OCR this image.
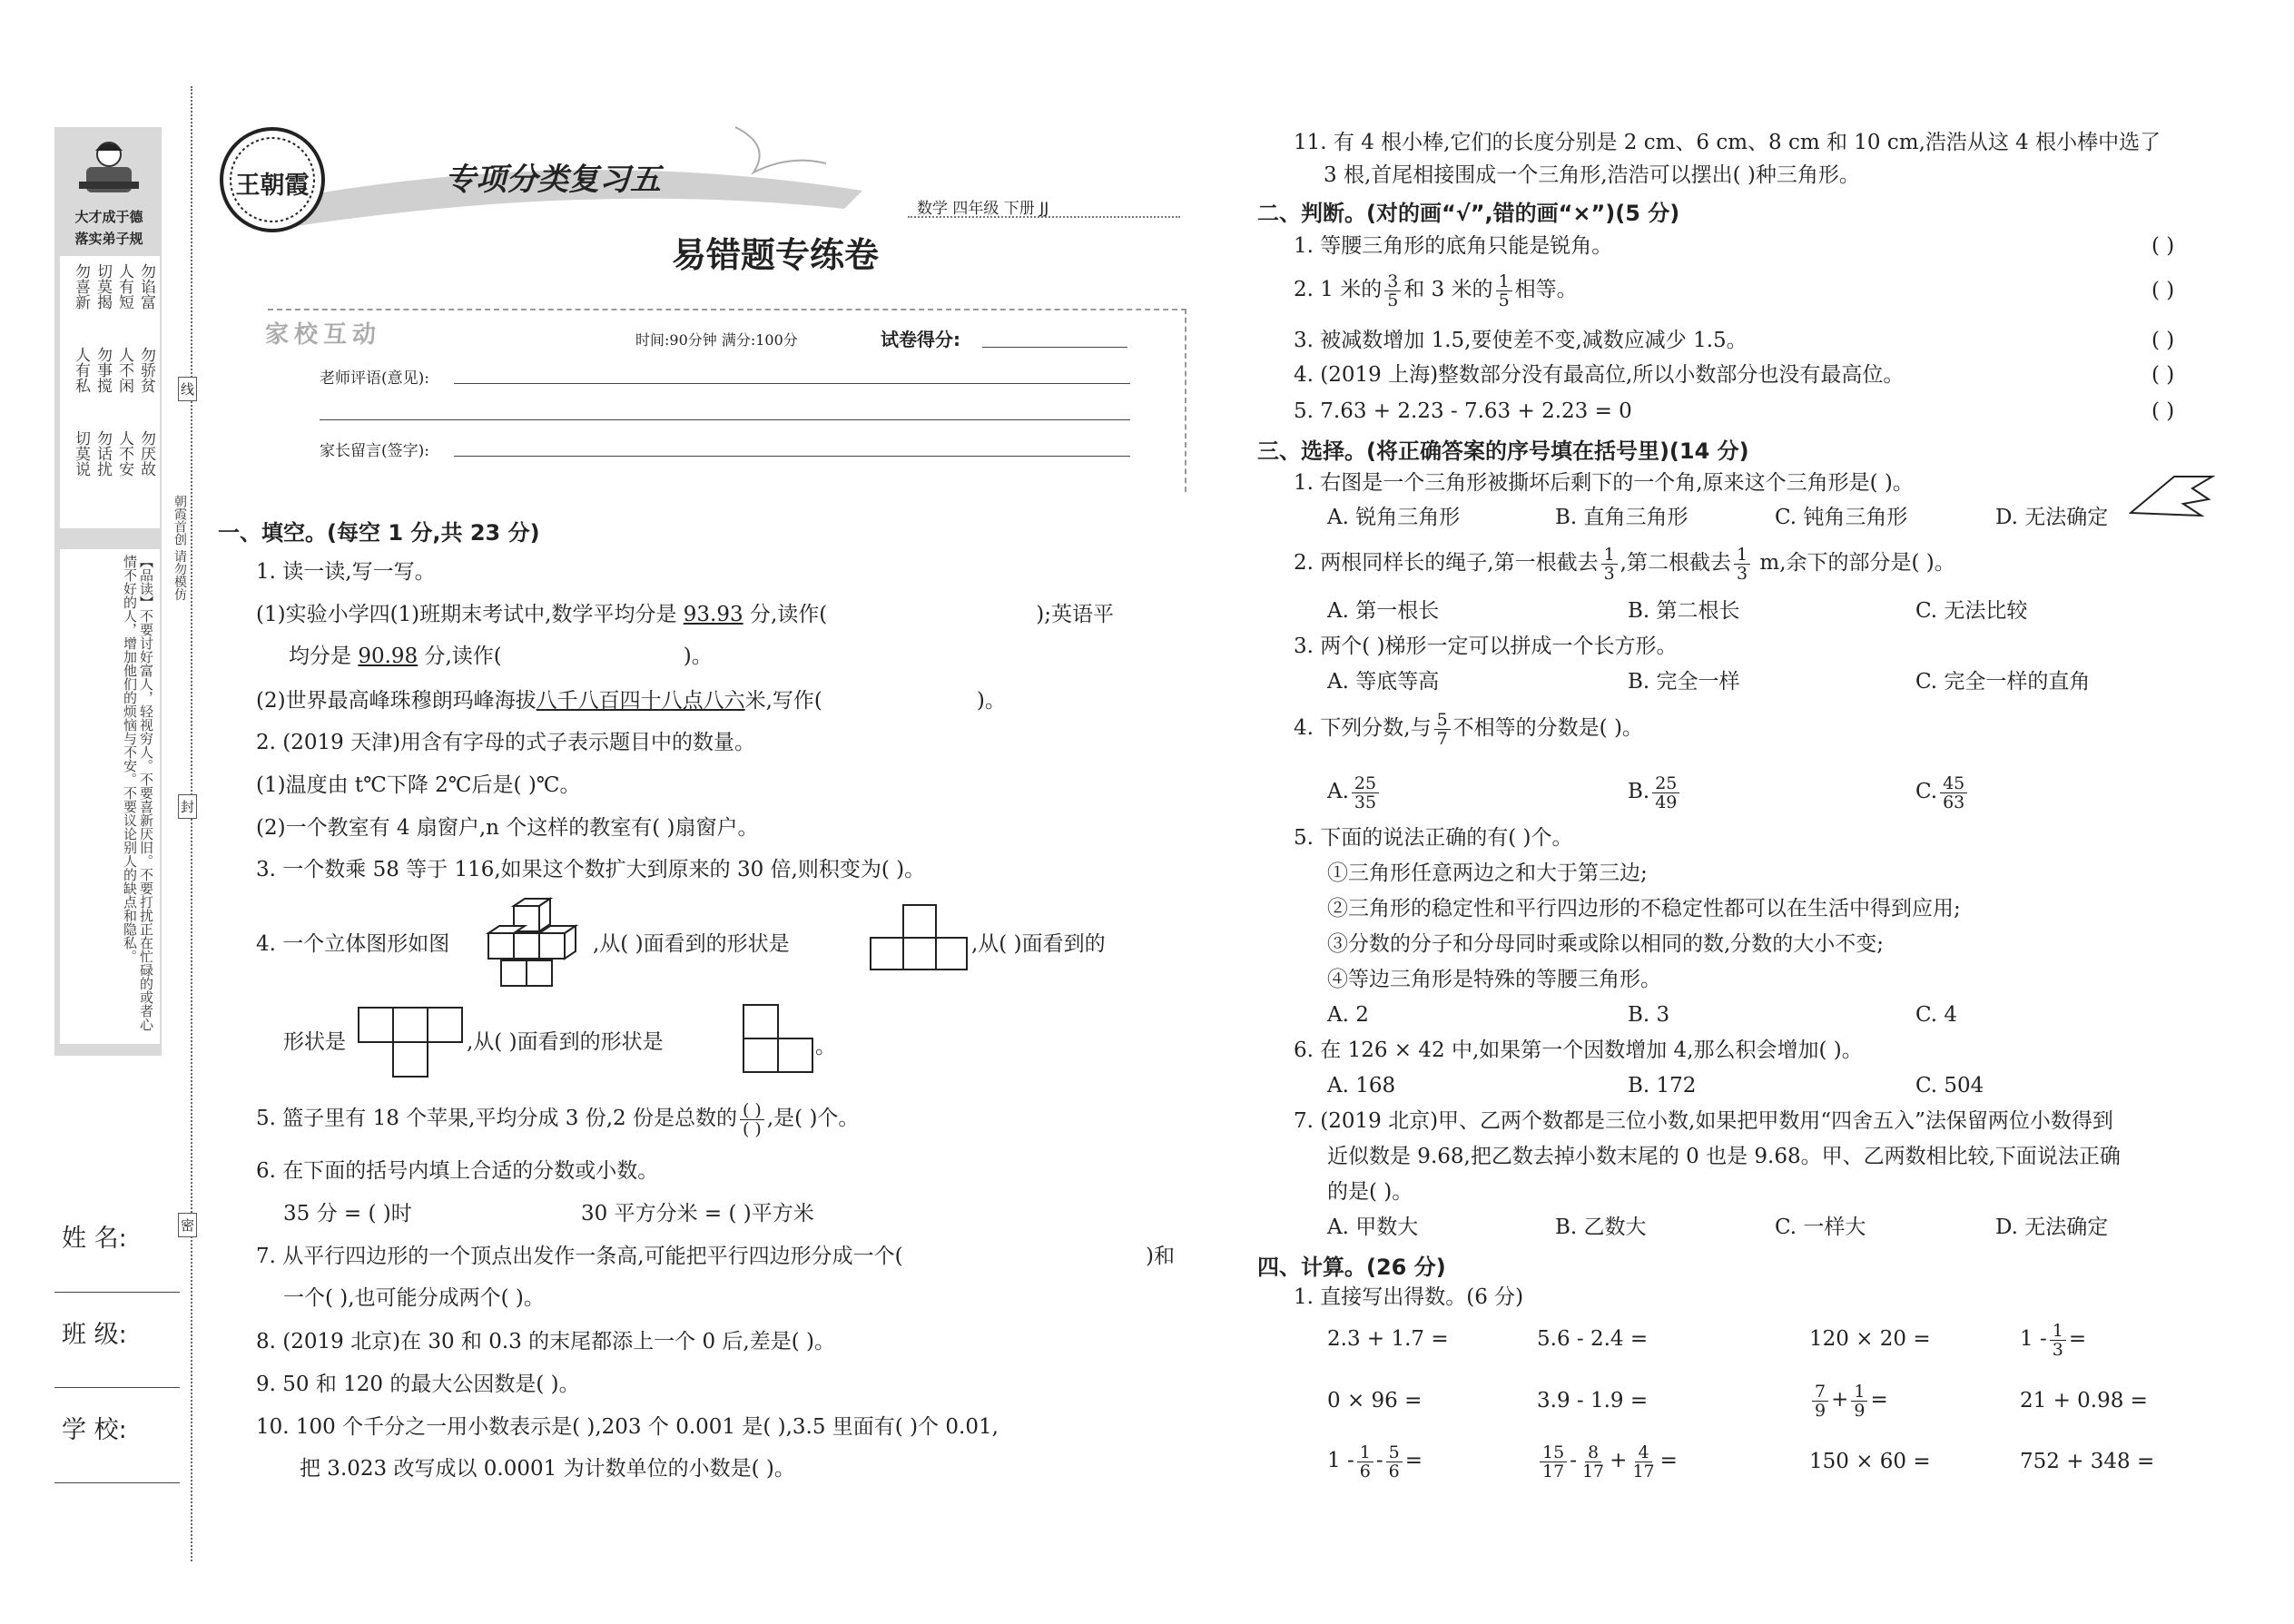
大才成于德
落实弟子规
勿谄富
人有短
切莫揭
勿骄贫
人不闲
勿事搅
勿厌故
人不安
勿话扰
勿喜新
人有私
切莫说
【品读】不要讨好富人，轻视穷人。不要喜新厌旧。不要打扰正在忙碌的或者心情不好的人，增加他们的烦恼与不安。不要议论别人的缺点和隐私。
线
封
密
朝霞首创 请勿模仿
姓 名:
班 级:
学 校:
王朝霞	专项分类复习五
数学 四年级 下册 JJ
易错题专练卷
家校互动	时间:90分钟 满分:100分	试卷得分:
老师评语(意见):
家长留言(签字):
一、填空。(每空 1 分,共 23 分)
1. 读一读,写一写。
(1)实验小学四(1)班期末考试中,数学平均分是 93.93 分,读作(	);英语平
均分是 90.98 分,读作(	)。
(2)世界最高峰珠穆朗玛峰海拔八千八百四十八点八六米,写作(	)。
2. (2019 天津)用含有字母的式子表示题目中的数量。
(1)温度由 t℃下降 2℃后是( )℃。
(2)一个教室有 4 扇窗户,n 个这样的教室有( )扇窗户。
3. 一个数乘 58 等于 116,如果这个数扩大到原来的 30 倍,则积变为( )。
4. 一个立体图形如图	,从( )面看到的形状是	,从( )面看到的
形状是	,从( )面看到的形状是	。
5. 篮子里有 18 个苹果,平均分成 3 份,2 份是总数的 $\frac{( )}{( )}$ ,是( )个。
6. 在下面的括号内填上合适的分数或小数。
35 分 = ( )时	30 平方分米 = ( )平方米
7. 从平行四边形的一个顶点出发作一条高,可能把平行四边形分成一个(	)和
一个( ),也可能分成两个( )。
8. (2019 北京)在 30 和 0.3 的末尾都添上一个 0 后,差是( )。
9. 50 和 120 的最大公因数是( )。
10. 100 个千分之一用小数表示是( ),203 个 0.001 是( ),3.5 里面有( )个 0.01,
把 3.023 改写成以 0.0001 为计数单位的小数是( )。
11. 有 4 根小棒,它们的长度分别是 2 cm、6 cm、8 cm 和 10 cm,浩浩从这 4 根小棒中选了
3 根,首尾相接围成一个三角形,浩浩可以摆出( )种三角形。
二、判断。(对的画“√”,错的画“×”)(5 分)
1. 等腰三角形的底角只能是锐角。	( )
2. 1 米的 $\frac{3}{5}$ 和 3 米的 $\frac{1}{5}$ 相等。	( )
3. 被减数增加 1.5,要使差不变,减数应减少 1.5。	( )
4. (2019 上海)整数部分没有最高位,所以小数部分也没有最高位。	( )
5. 7.63 + 2.23 - 7.63 + 2.23 = 0	( )
三、选择。(将正确答案的序号填在括号里)(14 分)
1. 右图是一个三角形被撕坏后剩下的一个角,原来这个三角形是( )。
A. 锐角三角形	B. 直角三角形	C. 钝角三角形	D. 无法确定
2. 两根同样长的绳子,第一根截去 $\frac{1}{3}$ ,第二根截去 $\frac{1}{3} m$,余下的部分是( )。
A. 第一根长	B. 第二根长	C. 无法比较
3. 两个( )梯形一定可以拼成一个长方形。
A. 等底等高	B. 完全一样	C. 完全一样的直角
4. 下列分数,与 $\frac{5}{7}$ 不相等的分数是( )。
A. $\frac{25}{35}$	B. $\frac{25}{49}$	C. $\frac{45}{63}$
5. 下面的说法正确的有( )个。
①三角形任意两边之和大于第三边;
②三角形的稳定性和平行四边形的不稳定性都可以在生活中得到应用;
③分数的分子和分母同时乘或除以相同的数,分数的大小不变;
④等边三角形是特殊的等腰三角形。
A. 2	B. 3	C. 4
6. 在 126 × 42 中,如果第一个因数增加 4,那么积会增加( )。
A. 168	B. 172	C. 504
7. (2019 北京)甲、乙两个数都是三位小数,如果把甲数用“四舍五入”法保留两位小数得到
近似数是 9.68,把乙数去掉小数末尾的 0 也是 9.68。甲、乙两数相比较,下面说法正确
的是( )。
A. 甲数大	B. 乙数大	C. 一样大	D. 无法确定
四、计算。(26 分)
1. 直接写出得数。(6 分)
2.3 + 1.7 =	5.6 - 2.4 =	120 × 20 =	$1 - \frac{1}{3}$ =
0 × 96 =	3.9 - 1.9 =	$\frac{7}{9} + \frac{1}{9}$ =	21 + 0.98 =
$1 - \frac{1}{6} - \frac{5}{6}$ =	$\frac{15}{17} - \frac{8}{17} + \frac{4}{17}$ =	150 × 60 =	752 + 348 =
